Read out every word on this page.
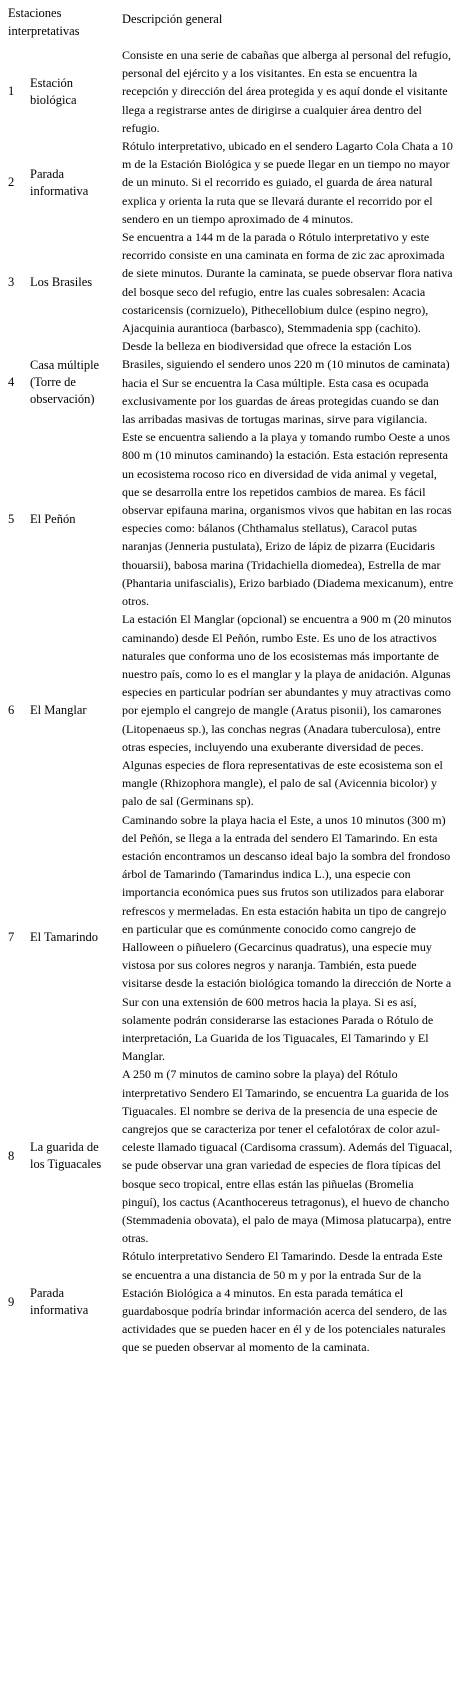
Estaciones interpretativas		Descripción general
1	Estación biológica	Consiste en una serie de cabañas que alberga al personal del refugio, personal del ejército y a los visitantes. En esta se encuentra la recepción y dirección del área protegida y es aquí donde el visitante llega a registrarse antes de dirigirse a cualquier área dentro del refugio.
2	Parada informativa	Rótulo interpretativo, ubicado en el sendero Lagarto Cola Chata a 10 m de la Estación Biológica y se puede llegar en un tiempo no mayor de un minuto. Si el recorrido es guiado, el guarda de área natural explica y orienta la ruta que se llevará durante el recorrido por el sendero en un tiempo aproximado de 4 minutos.
3	Los Brasiles	Se encuentra a 144 m de la parada o Rótulo interpretativo y este recorrido consiste en una caminata en forma de zic zac aproximada de siete minutos. Durante la caminata, se puede observar flora nativa del bosque seco del refugio, entre las cuales sobresalen: Acacia costaricensis (cornizuelo), Pithecellobium dulce (espino negro), Ajacquinia aurantioca (barbasco), Stemmadenia spp (cachito).
4	Casa múltiple (Torre de observación)	Desde la belleza en biodiversidad que ofrece la estación Los Brasiles, siguiendo el sendero unos 220 m (10 minutos de caminata) hacia el Sur se encuentra la Casa múltiple. Esta casa es ocupada exclusivamente por los guardas de áreas protegidas cuando se dan las arribadas masivas de tortugas marinas, sirve para vigilancia.
5	El Peñón	Este se encuentra saliendo a la playa y tomando rumbo Oeste a unos 800 m (10 minutos caminando) la estación. Esta estación representa un ecosistema rocoso rico en diversidad de vida animal y vegetal, que se desarrolla entre los repetidos cambios de marea. Es fácil observar epifauna marina, organismos vivos que habitan en las rocas especies como: bálanos (Chthamalus stellatus), Caracol putas naranjas (Jenneria pustulata), Erizo de lápiz de pizarra (Eucidaris thouarsii), babosa marina (Tridachiella diomedea), Estrella de mar (Phantaria unifascialis), Erizo barbiado (Diadema mexicanum), entre otros.
6	El Manglar	La estación El Manglar (opcional) se encuentra a 900 m (20 minutos caminando) desde El Peñón, rumbo Este. Es uno de los atractivos naturales que conforma uno de los ecosistemas más importante de nuestro país, como lo es el manglar y la playa de anidación. Algunas especies en particular podrían ser abundantes y muy atractivas como por ejemplo el cangrejo de mangle (Aratus pisonii), los camarones (Litopenaeus sp.), las conchas negras (Anadara tuberculosa), entre otras especies, incluyendo una exuberante diversidad de peces. Algunas especies de flora representativas de este ecosistema son el mangle (Rhizophora mangle), el palo de sal (Avicennia bicolor) y palo de sal (Germinans sp).
7	El Tamarindo	Caminando sobre la playa hacia el Este, a unos 10 minutos (300 m) del Peñón, se llega a la entrada del sendero El Tamarindo. En esta estación encontramos un descanso ideal bajo la sombra del frondoso árbol de Tamarindo (Tamarindus indica L.), una especie con importancia económica pues sus frutos son utilizados para elaborar refrescos y mermeladas. En esta estación habita un tipo de cangrejo en particular que es comúnmente conocido como cangrejo de Halloween o piñuelero (Gecarcinus quadratus), una especie muy vistosa por sus colores negros y naranja. También, esta puede visitarse desde la estación biológica tomando la dirección de Norte a Sur con una extensión de 600 metros hacia la playa. Si es así, solamente podrán considerarse las estaciones Parada o Rótulo de interpretación, La Guarida de los Tiguacales, El Tamarindo y El Manglar.
8	La guarida de los Tiguacales	A 250 m (7 minutos de camino sobre la playa) del Rótulo interpretativo Sendero El Tamarindo, se encuentra La guarida de los Tiguacales. El nombre se deriva de la presencia de una especie de cangrejos que se caracteriza por tener el cefalotórax de color azul-celeste llamado tiguacal (Cardisoma crassum). Además del Tiguacal, se pude observar una gran variedad de especies de flora típicas del bosque seco tropical, entre ellas están las piñuelas (Bromelia pinguí), los cactus (Acanthocereus tetragonus), el huevo de chancho (Stemmadenia obovata), el palo de maya (Mimosa platucarpa), entre otras.
9	Parada informativa	Rótulo interpretativo Sendero El Tamarindo. Desde la entrada Este se encuentra a una distancia de 50 m y por la entrada Sur de la Estación Biológica a 4 minutos. En esta parada temática el guardabosque podría brindar información acerca del sendero, de las actividades que se pueden hacer en él y de los potenciales naturales que se pueden observar al momento de la caminata.
